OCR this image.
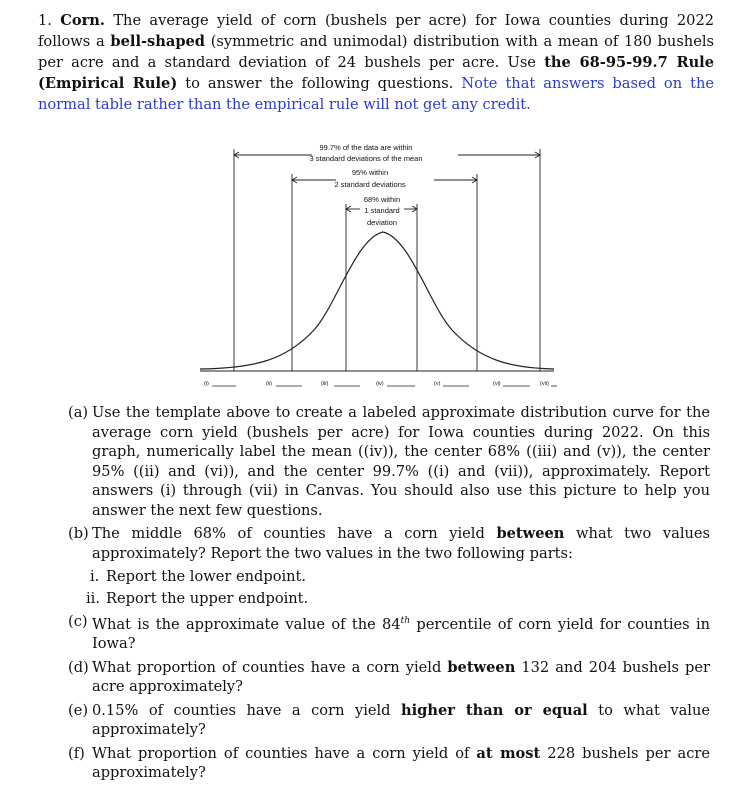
1. Corn. The average yield of corn (bushels per acre) for Iowa counties during 2022 follows a bell-shaped (symmetric and unimodal) distribution with a mean of 180 bushels per acre and a standard deviation of 24 bushels per acre. Use the 68-95-99.7 Rule (Empirical Rule) to answer the following questions. Note that answers based on the normal table rather than the empirical rule will not get any credit.
99.7% of the data are within
3 standard deviations of the mean
95% within
2 standard deviations
68% within
1 standard
deviation
(i)	(ii)	(iii)	(iv)	(v)	(vi)	(vii)
(a) Use the template above to create a labeled approximate distribution curve for the average corn yield (bushels per acre) for Iowa counties during 2022. On this graph, numerically label the mean ((iv)), the center 68% ((iii) and (v)), the center 95% ((ii) and (vi)), and the center 99.7% ((i) and (vii)), approximately. Report answers (i) through (vii) in Canvas. You should also use this picture to help you answer the next few questions.
(b) The middle 68% of counties have a corn yield between what two values approximately? Report the two values in the two following parts:
i. Report the lower endpoint.
ii. Report the upper endpoint.
(c) What is the approximate value of the 84th percentile of corn yield for counties in Iowa?
(d) What proportion of counties have a corn yield between 132 and 204 bushels per acre approximately?
(e) 0.15% of counties have a corn yield higher than or equal to what value approximately?
(f) What proportion of counties have a corn yield of at most 228 bushels per acre approximately?
